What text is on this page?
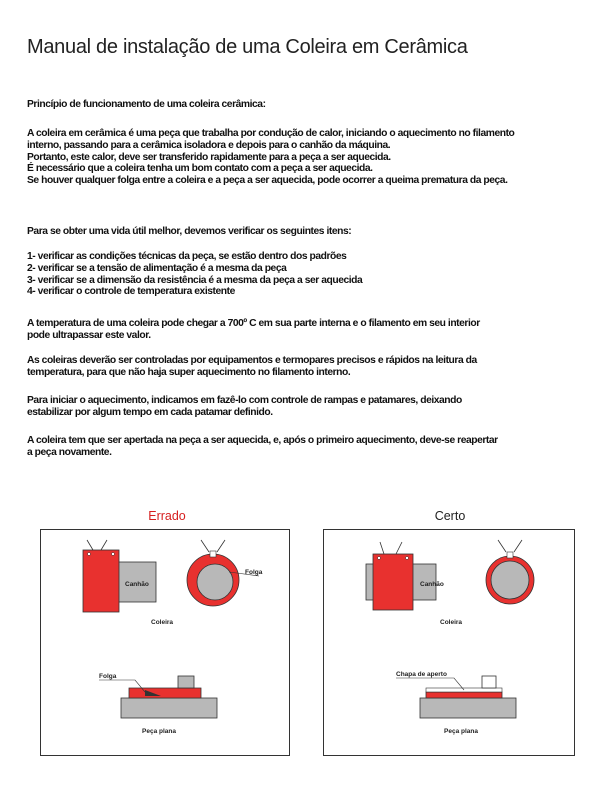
Manual de instalação de uma Coleira em Cerâmica
Princípio de funcionamento de uma coleira cerâmica:
A coleira em cerâmica é uma peça que trabalha por condução de calor, iniciando o aquecimento no filamento
interno, passando para a cerâmica isoladora e depois para o canhão da máquina.
Portanto, este calor, deve ser transferido rapidamente para a peça a ser aquecida.
É necessário que a coleira tenha um bom contato com a peça a ser aquecida.
Se houver qualquer folga entre a coleira e a peça a ser aquecida, pode ocorrer a queima prematura da peça.
Para se obter uma vida útil melhor, devemos verificar os seguintes itens:
1- verificar as condições técnicas da peça, se estão dentro dos padrões
2- verificar se a tensão de alimentação é a mesma da peça
3- verificar se a dimensão da resistência é a mesma da peça a ser aquecida
4- verificar o controle de temperatura existente
A temperatura de uma coleira pode chegar a 700º C em sua parte interna e o filamento em seu interior
pode ultrapassar este valor.
As coleiras deverão ser controladas por equipamentos e termopares precisos e rápidos na leitura da
temperatura, para que não haja super aquecimento no filamento interno.
Para iniciar o aquecimento, indicamos em fazê-lo com controle de rampas e patamares, deixando
estabilizar por algum tempo em cada patamar definido.
A coleira tem que ser apertada na peça a ser aquecida, e, após o primeiro aquecimento, deve-se reapertar
a peça novamente.
Errado	Certo
Canhão
Folga
Coleira
Folga
Peça plana
Canhão
Coleira
Chapa de aperto
Peça plana
